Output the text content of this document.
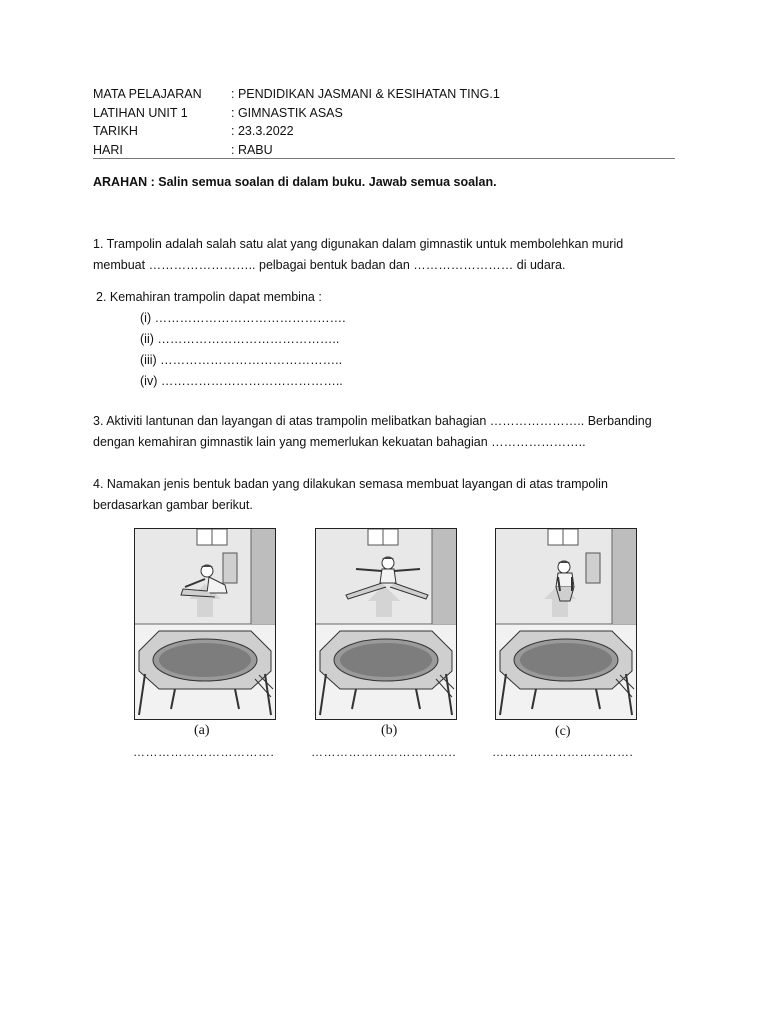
MATA PELAJARAN	: PENDIDIKAN JASMANI & KESIHATAN TING.1
LATIHAN UNIT 1	: GIMNASTIK ASAS
TARIKH	: 23.3.2022
HARI	: RABU
ARAHAN : Salin semua soalan di dalam buku. Jawab semua soalan.
1. Trampolin adalah salah satu alat yang digunakan dalam gimnastik untuk membolehkan murid
membuat …………………….. pelbagai bentuk badan dan …………………… di udara.
2. Kemahiran trampolin dapat membina :
(i) ……………………………………….
(ii) ……………………………………..
(iii) ……………………………………..
(iv) ……………………………………..
3. Aktiviti lantunan dan layangan di atas trampolin melibatkan bahagian ………………….. Berbanding
dengan kemahiran gimnastik lain yang memerlukan kekuatan bahagian …………………..
4. Namakan jenis bentuk badan yang dilakukan semasa membuat layangan di atas trampolin
berdasarkan gambar berikut.
(a)	(b)	(c)
…………………………….	……………………………..	…………………………….
